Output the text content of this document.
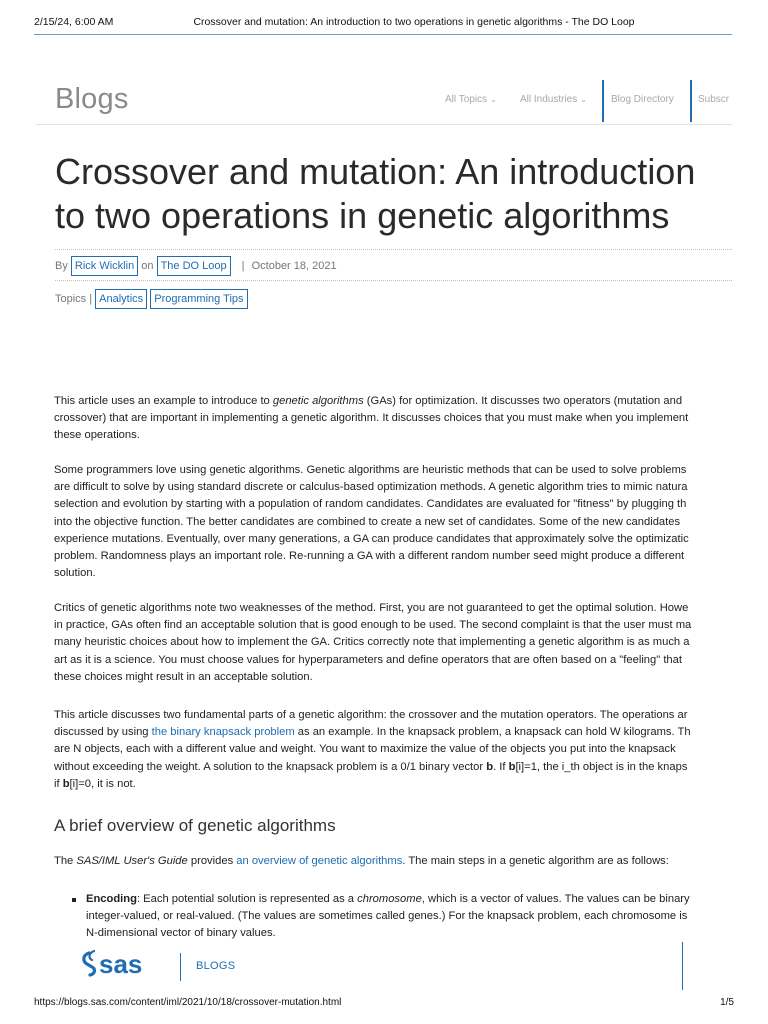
2/15/24, 6:00 AM	Crossover and mutation: An introduction to two operations in genetic algorithms - The DO Loop
Blogs	All Topics ⌄ All Industries ⌄ Blog Directory Subscr
Crossover and mutation: An introduction
to two operations in genetic algorithms
By Rick Wicklin on The DO Loop | October 18, 2021
Topics | Analytics Programming Tips

This article uses an example to introduce to genetic algorithms (GAs) for optimization. It discusses two operators (mutation and

crossover) that are important in implementing a genetic algorithm. It discusses choices that you must make when you implement

these operations.

Some programmers love using genetic algorithms. Genetic algorithms are heuristic methods that can be used to solve problems

are difficult to solve by using standard discrete or calculus-based optimization methods. A genetic algorithm tries to mimic natura

selection and evolution by starting with a population of random candidates. Candidates are evaluated for "fitness" by plugging th

into the objective function. The better candidates are combined to create a new set of candidates. Some of the new candidates

experience mutations. Eventually, over many generations, a GA can produce candidates that approximately solve the optimizatic

problem. Randomness plays an important role. Re-running a GA with a different random number seed might produce a different

solution.

Critics of genetic algorithms note two weaknesses of the method. First, you are not guaranteed to get the optimal solution. Howe

in practice, GAs often find an acceptable solution that is good enough to be used. The second complaint is that the user must ma

many heuristic choices about how to implement the GA. Critics correctly note that implementing a genetic algorithm is as much a

art as it is a science. You must choose values for hyperparameters and define operators that are often based on a "feeling" that

these choices might result in an acceptable solution.

This article discusses two fundamental parts of a genetic algorithm: the crossover and the mutation operators. The operations ar

discussed by using the binary knapsack problem as an example. In the knapsack problem, a knapsack can hold W kilograms. Th

are N objects, each with a different value and weight. You want to maximize the value of the objects you put into the knapsack

without exceeding the weight. A solution to the knapsack problem is a 0/1 binary vector b. If b[i]=1, the i_th object is in the knaps

if b[i]=0, it is not.

A brief overview of genetic algorithms

The SAS/IML User's Guide provides an overview of genetic algorithms. The main steps in a genetic algorithm are as follows:

Encoding: Each potential solution is represented as a chromosome, which is a vector of values. The values can be binary

integer-valued, or real-valued. (The values are sometimes called genes.) For the knapsack problem, each chromosome is

N-dimensional vector of binary values.

sas	BLOGS
https://blogs.sas.com/content/iml/2021/10/18/crossover-mutation.html	1/5
